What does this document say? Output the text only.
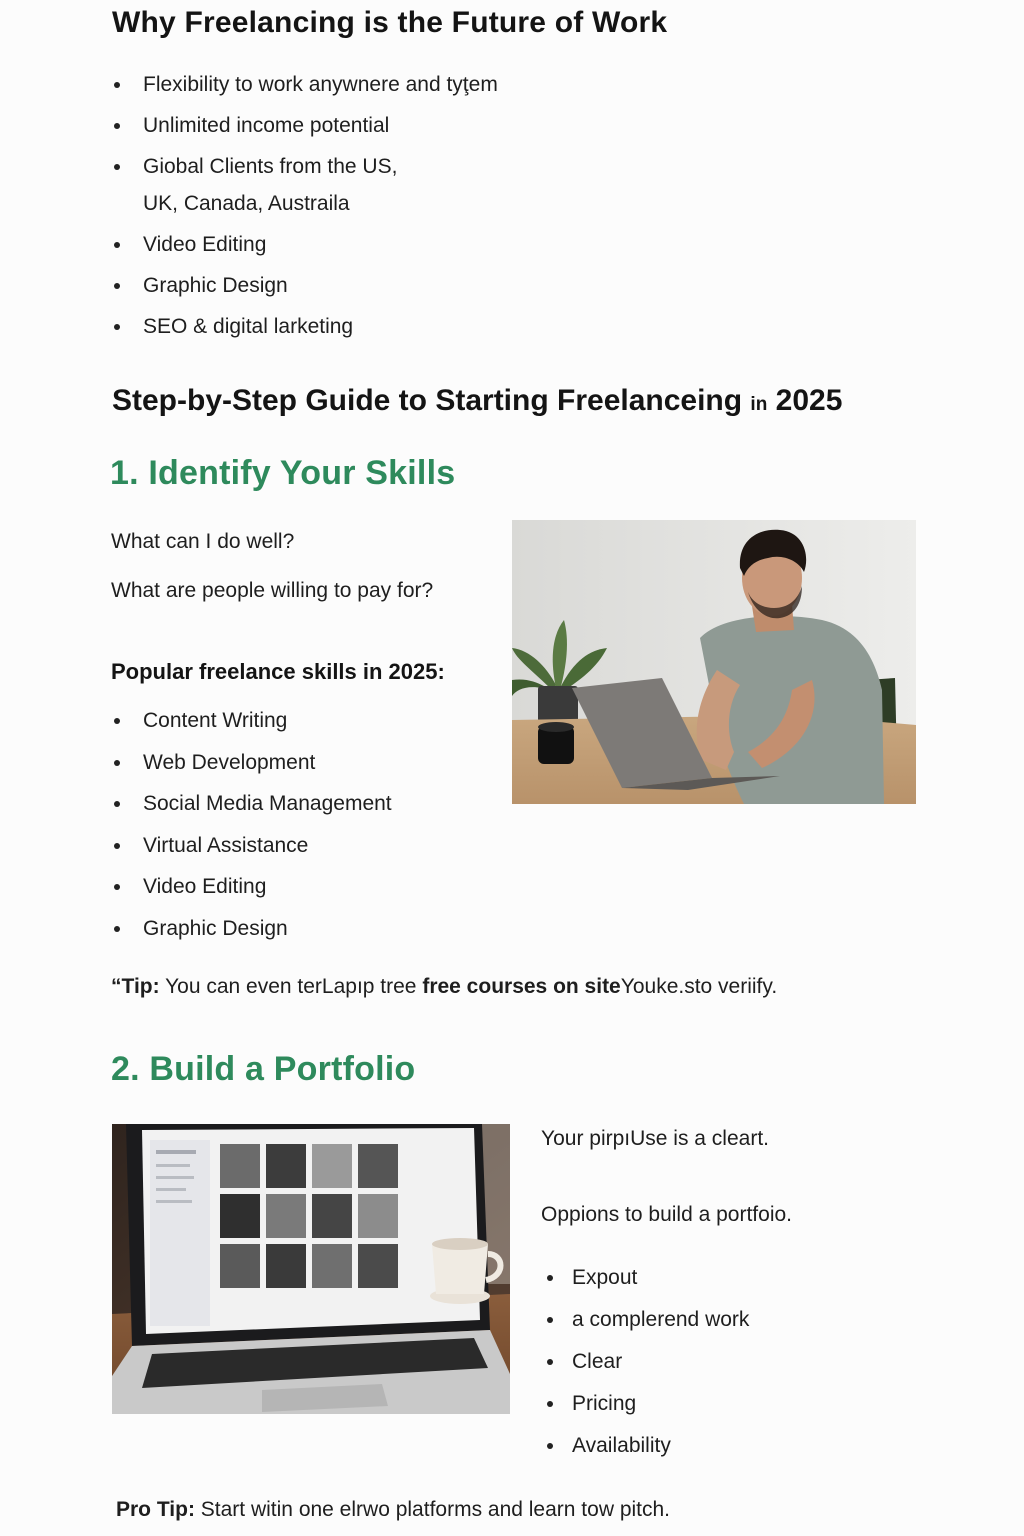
Why Freelancing is the Future of Work
Flexibility to work anywnere and tyţem
Unlimited income potential
Giobal Clients from the US,
UK, Canada, Austraila
Video Editing
Graphic Design
SEO & digital larketing
Step-by-Step Guide to Starting Freelanceing in 2025
1. Identify Your Skills

What can I do well?

What are people willing to pay for?

Popular freelance skills in 2025:
Content Writing
Web Development
Social Media Management
Virtual Assistance
Video Editing
Graphic Design

“Tip: You can even terLapıp tree free courses on siteYouke.sto veriify.

2. Build a Portfolio

Your pirpıUse is a cleart.

Oppions to build a portfoio.

Expout
a complerend work
Clear
Pricing
Availability

Pro Tip: Start witin one elrwo platforms and learn tow pitch.
